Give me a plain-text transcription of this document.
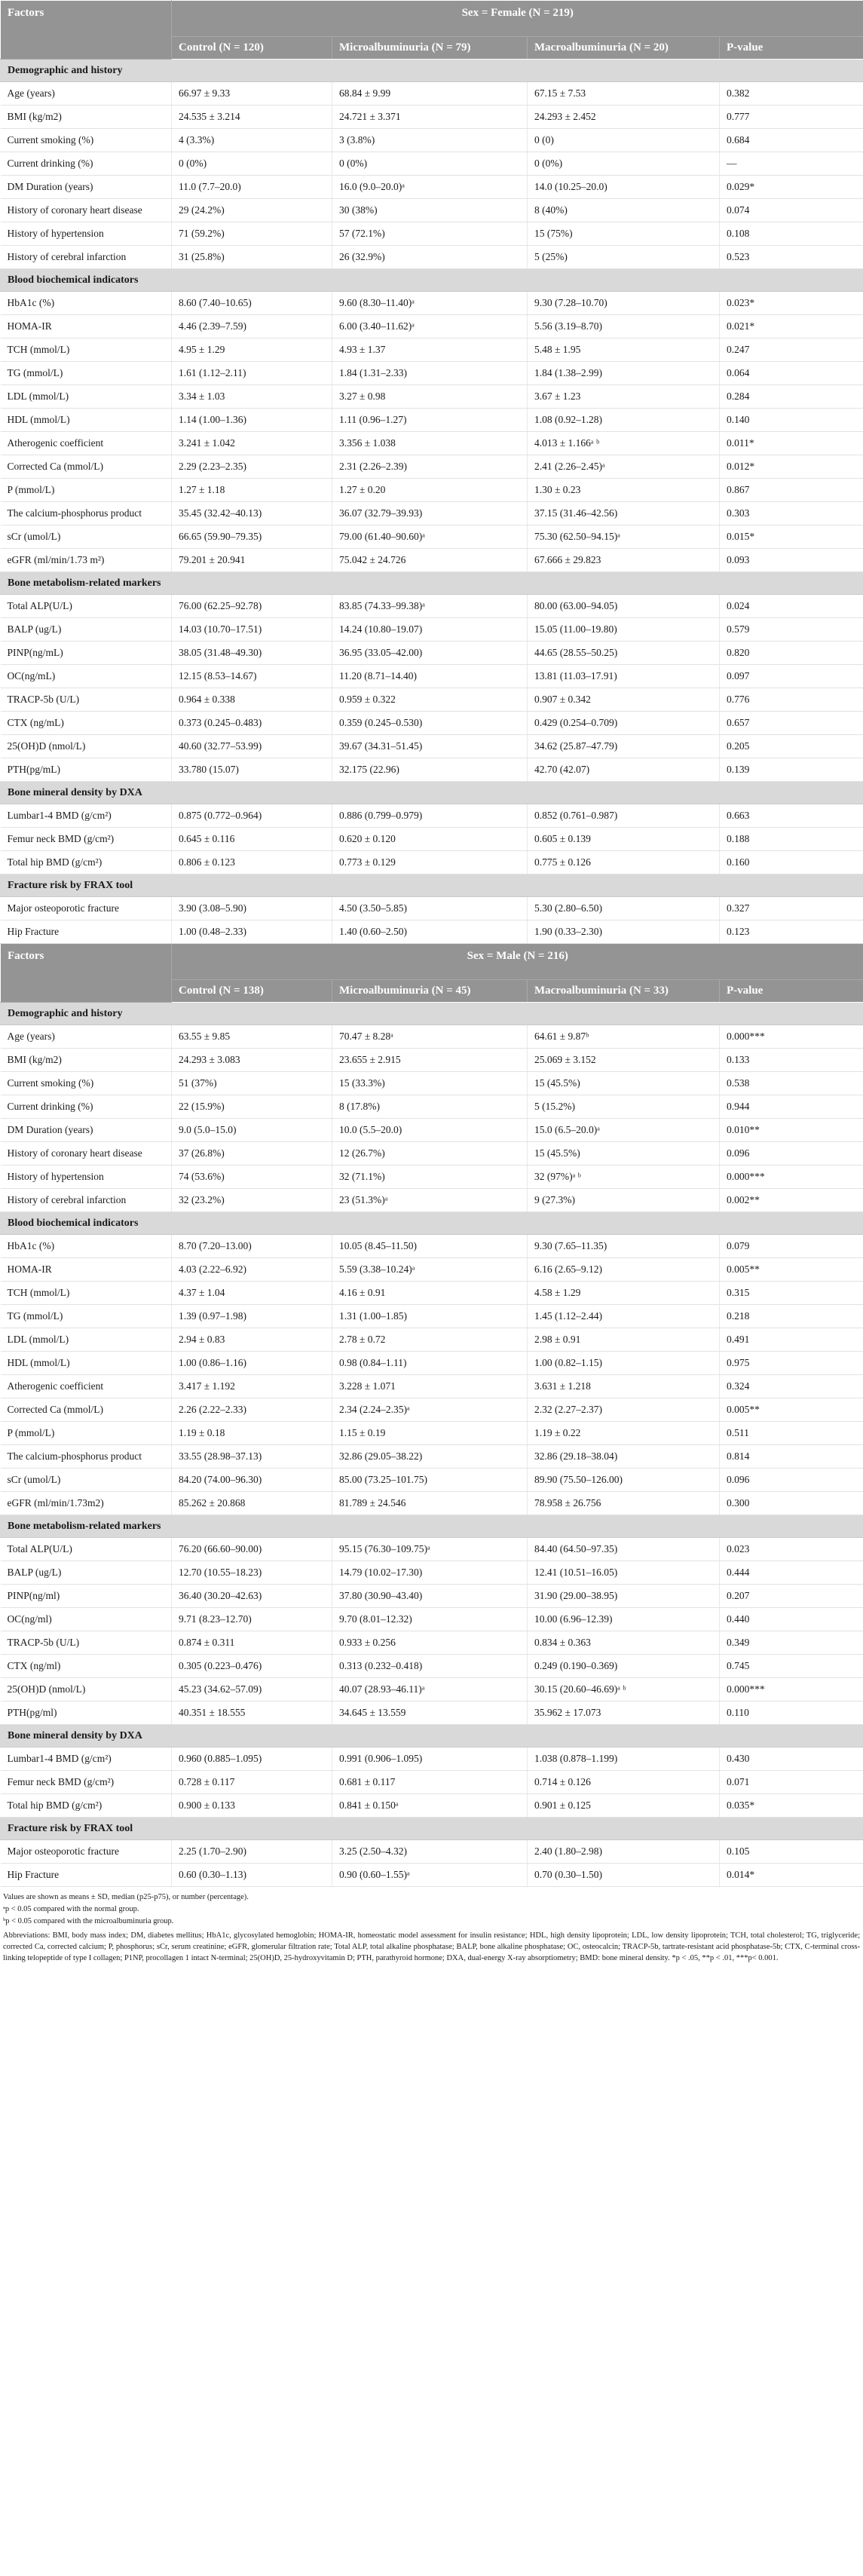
Factors	Sex = Female (N = 219)			
	Control (N = 120)	Microalbuminuria (N = 79)	Macroalbuminuria (N = 20)	P-value
Demographic and history				
Age (years)	66.97 ± 9.33	68.84 ± 9.99	67.15 ± 7.53	0.382
BMI (kg/m2)	24.535 ± 3.214	24.721 ± 3.371	24.293 ± 2.452	0.777
Current smoking (%)	4 (3.3%)	3 (3.8%)	0 (0)	0.684
Current drinking (%)	0 (0%)	0 (0%)	0 (0%)	—
DM Duration (years)	11.0 (7.7–20.0)	16.0 (9.0–20.0)ᵃ	14.0 (10.25–20.0)	0.029*
History of coronary heart disease	29 (24.2%)	30 (38%)	8 (40%)	0.074
History of hypertension	71 (59.2%)	57 (72.1%)	15 (75%)	0.108
History of cerebral infarction	31 (25.8%)	26 (32.9%)	5 (25%)	0.523
Blood biochemical indicators				
HbA1c (%)	8.60 (7.40–10.65)	9.60 (8.30–11.40)ᵃ	9.30 (7.28–10.70)	0.023*
HOMA-IR	4.46 (2.39–7.59)	6.00 (3.40–11.62)ᵃ	5.56 (3.19–8.70)	0.021*
TCH (mmol/L)	4.95 ± 1.29	4.93 ± 1.37	5.48 ± 1.95	0.247
TG (mmol/L)	1.61 (1.12–2.11)	1.84 (1.31–2.33)	1.84 (1.38–2.99)	0.064
LDL (mmol/L)	3.34 ± 1.03	3.27 ± 0.98	3.67 ± 1.23	0.284
HDL (mmol/L)	1.14 (1.00–1.36)	1.11 (0.96–1.27)	1.08 (0.92–1.28)	0.140
Atherogenic coefficient	3.241 ± 1.042	3.356 ± 1.038	4.013 ± 1.166ᵃ ᵇ	0.011*
Corrected Ca (mmol/L)	2.29 (2.23–2.35)	2.31 (2.26–2.39)	2.41 (2.26–2.45)ᵃ	0.012*
P (mmol/L)	1.27 ± 1.18	1.27 ± 0.20	1.30 ± 0.23	0.867
The calcium-phosphorus product	35.45 (32.42–40.13)	36.07 (32.79–39.93)	37.15 (31.46–42.56)	0.303
sCr (umol/L)	66.65 (59.90–79.35)	79.00 (61.40–90.60)ᵃ	75.30 (62.50–94.15)ᵃ	0.015*
eGFR (ml/min/1.73 m²)	79.201 ± 20.941	75.042 ± 24.726	67.666 ± 29.823	0.093
Bone metabolism-related markers				
Total ALP(U/L)	76.00 (62.25–92.78)	83.85 (74.33–99.38)ᵃ	80.00 (63.00–94.05)	0.024
BALP (ug/L)	14.03 (10.70–17.51)	14.24 (10.80–19.07)	15.05 (11.00–19.80)	0.579
PINP(ng/mL)	38.05 (31.48–49.30)	36.95 (33.05–42.00)	44.65 (28.55–50.25)	0.820
OC(ng/mL)	12.15 (8.53–14.67)	11.20 (8.71–14.40)	13.81 (11.03–17.91)	0.097
TRACP-5b (U/L)	0.964 ± 0.338	0.959 ± 0.322	0.907 ± 0.342	0.776
CTX (ng/mL)	0.373 (0.245–0.483)	0.359 (0.245–0.530)	0.429 (0.254–0.709)	0.657
25(OH)D (nmol/L)	40.60 (32.77–53.99)	39.67 (34.31–51.45)	34.62 (25.87–47.79)	0.205
PTH(pg/mL)	33.780 (15.07)	32.175 (22.96)	42.70 (42.07)	0.139
Bone mineral density by DXA				
Lumbar1-4 BMD (g/cm²)	0.875 (0.772–0.964)	0.886 (0.799–0.979)	0.852 (0.761–0.987)	0.663
Femur neck BMD (g/cm²)	0.645 ± 0.116	0.620 ± 0.120	0.605 ± 0.139	0.188
Total hip BMD (g/cm²)	0.806 ± 0.123	0.773 ± 0.129	0.775 ± 0.126	0.160
Fracture risk by FRAX tool				
Major osteoporotic fracture	3.90 (3.08–5.90)	4.50 (3.50–5.85)	5.30 (2.80–6.50)	0.327
Hip Fracture	1.00 (0.48–2.33)	1.40 (0.60–2.50)	1.90 (0.33–2.30)	0.123
Factors	Sex = Male (N = 216)			
	Control (N = 138)	Microalbuminuria (N = 45)	Macroalbuminuria (N = 33)	P-value
Demographic and history				
Age (years)	63.55 ± 9.85	70.47 ± 8.28ᵃ	64.61 ± 9.87ᵇ	0.000***
BMI (kg/m2)	24.293 ± 3.083	23.655 ± 2.915	25.069 ± 3.152	0.133
Current smoking (%)	51 (37%)	15 (33.3%)	15 (45.5%)	0.538
Current drinking (%)	22 (15.9%)	8 (17.8%)	5 (15.2%)	0.944
DM Duration (years)	9.0 (5.0–15.0)	10.0 (5.5–20.0)	15.0 (6.5–20.0)ᵃ	0.010**
History of coronary heart disease	37 (26.8%)	12 (26.7%)	15 (45.5%)	0.096
History of hypertension	74 (53.6%)	32 (71.1%)	32 (97%)ᵃ ᵇ	0.000***
History of cerebral infarction	32 (23.2%)	23 (51.3%)ᵃ	9 (27.3%)	0.002**
Blood biochemical indicators				
HbA1c (%)	8.70 (7.20–13.00)	10.05 (8.45–11.50)	9.30 (7.65–11.35)	0.079
HOMA-IR	4.03 (2.22–6.92)	5.59 (3.38–10.24)ᵃ	6.16 (2.65–9.12)	0.005**
TCH (mmol/L)	4.37 ± 1.04	4.16 ± 0.91	4.58 ± 1.29	0.315
TG (mmol/L)	1.39 (0.97–1.98)	1.31 (1.00–1.85)	1.45 (1.12–2.44)	0.218
LDL (mmol/L)	2.94 ± 0.83	2.78 ± 0.72	2.98 ± 0.91	0.491
HDL (mmol/L)	1.00 (0.86–1.16)	0.98 (0.84–1.11)	1.00 (0.82–1.15)	0.975
Atherogenic coefficient	3.417 ± 1.192	3.228 ± 1.071	3.631 ± 1.218	0.324
Corrected Ca (mmol/L)	2.26 (2.22–2.33)	2.34 (2.24–2.35)ᵃ	2.32 (2.27–2.37)	0.005**
P (mmol/L)	1.19 ± 0.18	1.15 ± 0.19	1.19 ± 0.22	0.511
The calcium-phosphorus product	33.55 (28.98–37.13)	32.86 (29.05–38.22)	32.86 (29.18–38.04)	0.814
sCr (umol/L)	84.20 (74.00–96.30)	85.00 (73.25–101.75)	89.90 (75.50–126.00)	0.096
eGFR (ml/min/1.73m2)	85.262 ± 20.868	81.789 ± 24.546	78.958 ± 26.756	0.300
Bone metabolism-related markers				
Total ALP(U/L)	76.20 (66.60–90.00)	95.15 (76.30–109.75)ᵃ	84.40 (64.50–97.35)	0.023
BALP (ug/L)	12.70 (10.55–18.23)	14.79 (10.02–17.30)	12.41 (10.51–16.05)	0.444
PINP(ng/ml)	36.40 (30.20–42.63)	37.80 (30.90–43.40)	31.90 (29.00–38.95)	0.207
OC(ng/ml)	9.71 (8.23–12.70)	9.70 (8.01–12.32)	10.00 (6.96–12.39)	0.440
TRACP-5b (U/L)	0.874 ± 0.311	0.933 ± 0.256	0.834 ± 0.363	0.349
CTX (ng/ml)	0.305 (0.223–0.476)	0.313 (0.232–0.418)	0.249 (0.190–0.369)	0.745
25(OH)D (nmol/L)	45.23 (34.62–57.09)	40.07 (28.93–46.11)ᵃ	30.15 (20.60–46.69)ᵃ ᵇ	0.000***
PTH(pg/ml)	40.351 ± 18.555	34.645 ± 13.559	35.962 ± 17.073	0.110
Bone mineral density by DXA				
Lumbar1-4 BMD (g/cm²)	0.960 (0.885–1.095)	0.991 (0.906–1.095)	1.038 (0.878–1.199)	0.430
Femur neck BMD (g/cm²)	0.728 ± 0.117	0.681 ± 0.117	0.714 ± 0.126	0.071
Total hip BMD (g/cm²)	0.900 ± 0.133	0.841 ± 0.150ᵃ	0.901 ± 0.125	0.035*
Fracture risk by FRAX tool				
Major osteoporotic fracture	2.25 (1.70–2.90)	3.25 (2.50–4.32)	2.40 (1.80–2.98)	0.105
Hip Fracture	0.60 (0.30–1.13)	0.90 (0.60–1.55)ᵃ	0.70 (0.30–1.50)	0.014*

Values are shown as means ± SD, median (p25-p75), or number (percentage).

ᵃp < 0.05 compared with the normal group.

ᵇp < 0.05 compared with the microalbuminuria group.

Abbreviations: BMI, body mass index; DM, diabetes mellitus; HbA1c, glycosylated hemoglobin; HOMA-IR, homeostatic model assessment for insulin resistance; HDL, high density lipoprotein; LDL, low density lipoprotein; TCH, total cholesterol; TG, triglyceride; corrected Ca, corrected calcium; P, phosphorus; sCr, serum creatinine; eGFR, glomerular filtration rate; Total ALP, total alkaline phosphatase; BALP, bone alkaline phosphatase; OC, osteocalcin; TRACP-5b, tartrate-resistant acid phosphatase-5b; CTX, C-terminal cross-linking telopeptide of type I collagen; P1NP, procollagen 1 intact N-terminal; 25(OH)D, 25-hydroxyvitamin D; PTH, parathyroid hormone; DXA, dual-energy X-ray absorptiometry; BMD: bone mineral density. *p < .05, **p < .01, ***p< 0.001.
